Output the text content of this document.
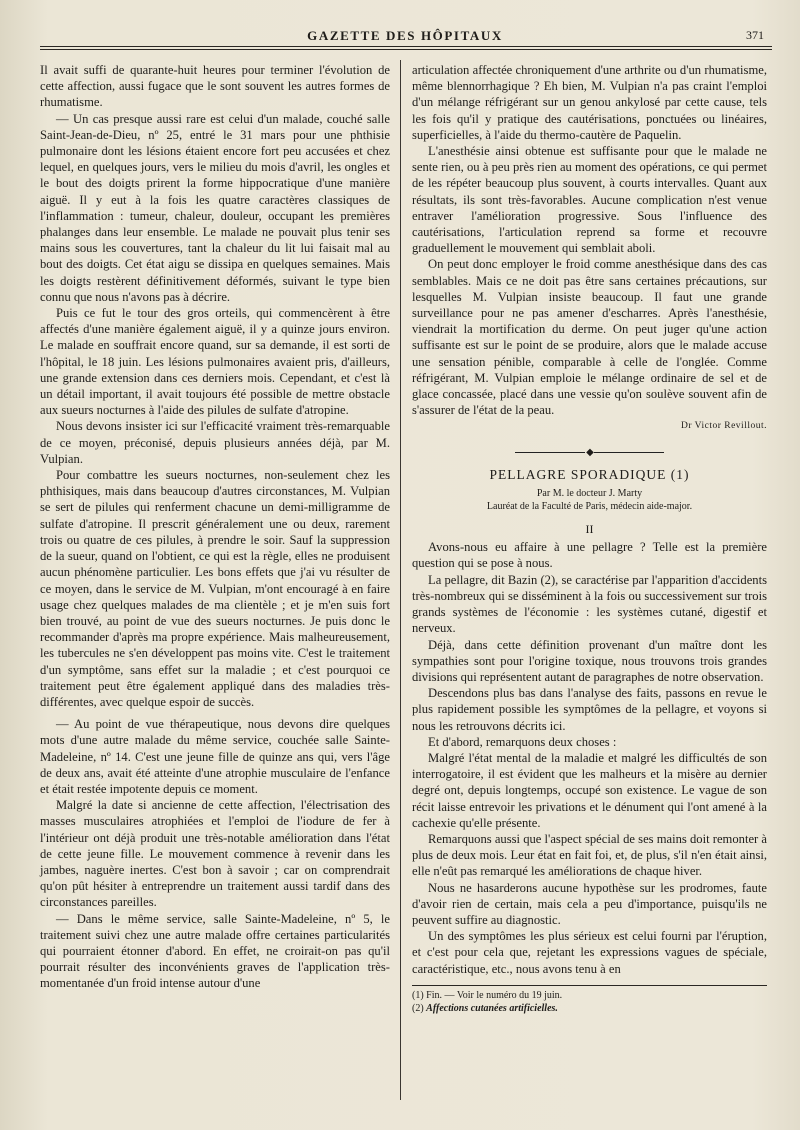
GAZETTE DES HÔPITAUX	371

Il avait suffi de quarante-huit heures pour terminer l'évolution de cette affection, aussi fugace que le sont souvent les autres formes de rhumatisme.

— Un cas presque aussi rare est celui d'un malade, couché salle Saint-Jean-de-Dieu, nº 25, entré le 31 mars pour une phthisie pulmonaire dont les lésions étaient encore fort peu accusées et chez lequel, en quelques jours, vers le milieu du mois d'avril, les ongles et le bout des doigts prirent la forme hippocratique d'une manière aiguë. Il y eut à la fois les quatre caractères classiques de l'inflammation : tumeur, chaleur, douleur, occupant les premières phalanges dans leur ensemble. Le malade ne pouvait plus tenir ses mains sous les couvertures, tant la chaleur du lit lui faisait mal au bout des doigts. Cet état aigu se dissipa en quelques semaines. Mais les doigts restèrent définitivement déformés, suivant le type bien connu que nous n'avons pas à décrire.

Puis ce fut le tour des gros orteils, qui commencèrent à être affectés d'une manière également aiguë, il y a quinze jours environ. Le malade en souffrait encore quand, sur sa demande, il est sorti de l'hôpital, le 18 juin. Les lésions pulmonaires avaient pris, d'ailleurs, une grande extension dans ces derniers mois. Cependant, et c'est là un détail important, il avait toujours été possible de mettre obstacle aux sueurs nocturnes à l'aide des pilules de sulfate d'atropine.

Nous devons insister ici sur l'efficacité vraiment très-remarquable de ce moyen, préconisé, depuis plusieurs années déjà, par M. Vulpian.

Pour combattre les sueurs nocturnes, non-seulement chez les phthisiques, mais dans beaucoup d'autres circonstances, M. Vulpian se sert de pilules qui renferment chacune un demi-milligramme de sulfate d'atropine. Il prescrit généralement une ou deux, rarement trois ou quatre de ces pilules, à prendre le soir. Sauf la suppression de la sueur, quand on l'obtient, ce qui est la règle, elles ne produisent aucun phénomène particulier. Les bons effets que j'ai vu résulter de ce moyen, dans le service de M. Vulpian, m'ont encouragé à en faire usage chez quelques malades de ma clientèle ; et je m'en suis fort bien trouvé, au point de vue des sueurs nocturnes. Je puis donc le recommander d'après ma propre expérience. Mais malheureusement, les tubercules ne s'en développent pas moins vite. C'est le traitement d'un symptôme, sans effet sur la maladie ; et c'est pourquoi ce traitement peut être également appliqué dans des maladies très-différentes, avec quelque espoir de succès.

— Au point de vue thérapeutique, nous devons dire quelques mots d'une autre malade du même service, couchée salle Sainte-Madeleine, nº 14. C'est une jeune fille de quinze ans qui, vers l'âge de deux ans, avait été atteinte d'une atrophie musculaire de l'enfance et était restée impotente depuis ce moment.

Malgré la date si ancienne de cette affection, l'électrisation des masses musculaires atrophiées et l'emploi de l'iodure de fer à l'intérieur ont déjà produit une très-notable amélioration dans l'état de cette jeune fille. Le mouvement commence à revenir dans les jambes, naguère inertes. C'est bon à savoir ; car on comprendrait qu'on pût hésiter à entreprendre un traitement aussi tardif dans des circonstances pareilles.

— Dans le même service, salle Sainte-Madeleine, nº 5, le traitement suivi chez une autre malade offre certaines particularités qui pourraient étonner d'abord. En effet, ne croirait-on pas qu'il pourrait résulter des inconvénients graves de l'application très-momentanée d'un froid intense autour d'une

articulation affectée chroniquement d'une arthrite ou d'un rhumatisme, même blennorrhagique ? Eh bien, M. Vulpian n'a pas craint l'emploi d'un mélange réfrigérant sur un genou ankylosé par cette cause, tels les fois qu'il y pratique des cautérisations, ponctuées ou linéaires, superficielles, à l'aide du thermo-cautère de Paquelin.

L'anesthésie ainsi obtenue est suffisante pour que le malade ne sente rien, ou à peu près rien au moment des opérations, ce qui permet de les répéter beaucoup plus souvent, à courts intervalles. Quant aux résultats, ils sont très-favorables. Aucune complication n'est venue entraver l'amélioration progressive. Sous l'influence des cautérisations, l'articulation reprend sa forme et recouvre graduellement le mouvement qui semblait aboli.

On peut donc employer le froid comme anesthésique dans des cas semblables. Mais ce ne doit pas être sans certaines précautions, sur lesquelles M. Vulpian insiste beaucoup. Il faut une grande surveillance pour ne pas amener d'escharres. Après l'anesthésie, viendrait la mortification du derme. On peut juger qu'une action suffisante est sur le point de se produire, alors que le malade accuse une sensation pénible, comparable à celle de l'onglée. Comme réfrigérant, M. Vulpian emploie le mélange ordinaire de sel et de glace concassée, placé dans une vessie qu'on soulève souvent afin de s'assurer de l'état de la peau.

Dr Victor Revillout.
◆
PELLAGRE SPORADIQUE (1)
Par M. le docteur J. Marty
Lauréat de la Faculté de Paris, médecin aide-major.
II

Avons-nous eu affaire à une pellagre ? Telle est la première question qui se pose à nous.

La pellagre, dit Bazin (2), se caractérise par l'apparition d'accidents très-nombreux qui se disséminent à la fois ou successivement sur trois grands systèmes de l'économie : les systèmes cutané, digestif et nerveux.

Déjà, dans cette définition provenant d'un maître dont les sympathies sont pour l'origine toxique, nous trouvons trois grandes divisions qui représentent autant de paragraphes de notre observation.

Descendons plus bas dans l'analyse des faits, passons en revue le plus rapidement possible les symptômes de la pellagre, et voyons si nous les retrouvons décrits ici.

Et d'abord, remarquons deux choses :

Malgré l'état mental de la maladie et malgré les difficultés de son interrogatoire, il est évident que les malheurs et la misère au dernier degré ont, depuis longtemps, occupé son existence. Le vague de son récit laisse entrevoir les privations et le dénument qui l'ont amené à la cachexie qu'elle présente.

Remarquons aussi que l'aspect spécial de ses mains doit remonter à plus de deux mois. Leur état en fait foi, et, de plus, s'il n'en était ainsi, elle n'eût pas remarqué les améliorations de chaque hiver.

Nous ne hasarderons aucune hypothèse sur les prodromes, faute d'avoir rien de certain, mais cela a peu d'importance, puisqu'ils ne peuvent suffire au diagnostic.

Un des symptômes les plus sérieux est celui fourni par l'éruption, et c'est pour cela que, rejetant les expressions vagues de spéciale, caractéristique, etc., nous avons tenu à en

(1) Fin. — Voir le numéro du 19 juin.
(2) Affections cutanées artificielles.
